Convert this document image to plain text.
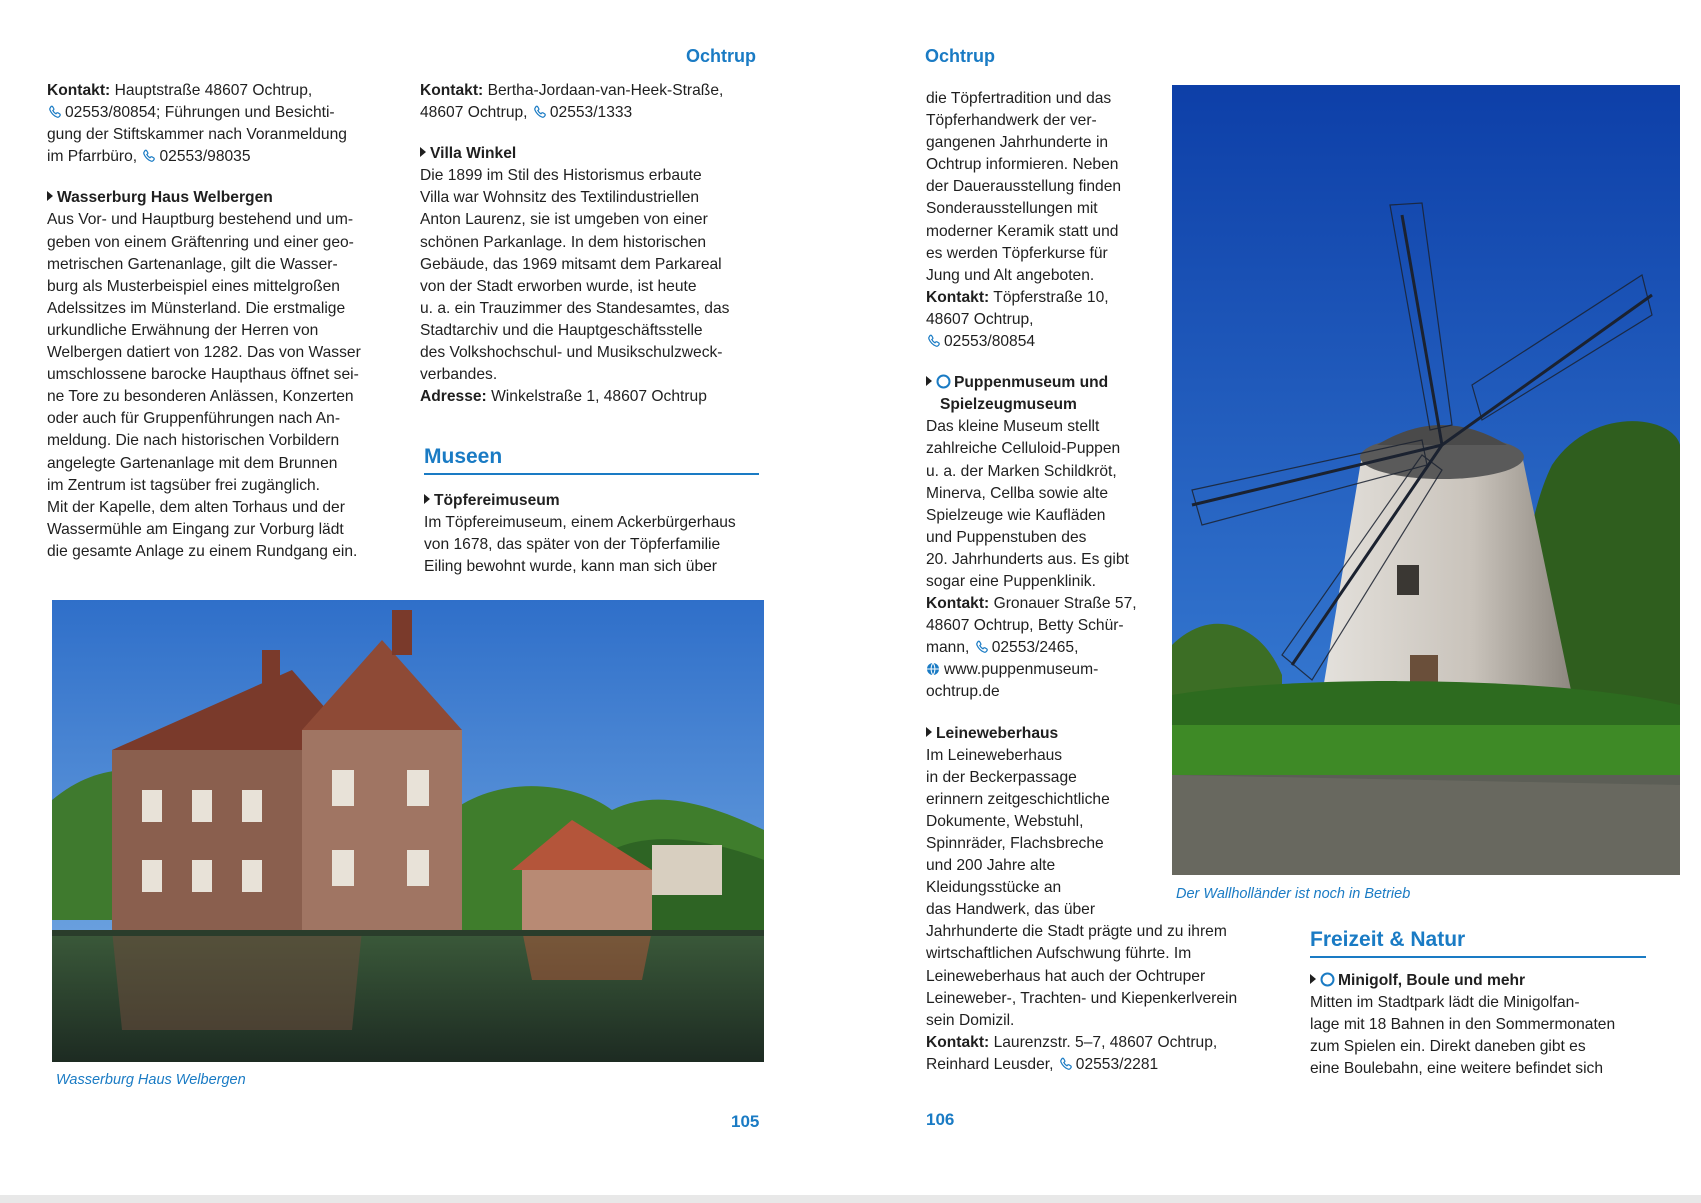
Ochtrup

Kontakt: Hauptstraße 48607 Ochtrup,

02553/80854; Führungen und Besichti-

gung der Stiftskammer nach Voranmeldung

im Pfarrbüro, 02553/98035

Wasserburg Haus Welbergen

Aus Vor- und Hauptburg bestehend und um-

geben von einem Gräftenring und einer geo-

metrischen Gartenanlage, gilt die Wasser-

burg als Musterbeispiel eines mittelgroßen

Adelssitzes im Münsterland. Die erstmalige

urkundliche Erwähnung der Herren von

Welbergen datiert von 1282. Das von Wasser

umschlossene barocke Haupthaus öffnet sei-

ne Tore zu besonderen Anlässen, Konzerten

oder auch für Gruppenführungen nach An-

meldung. Die nach historischen Vorbildern

angelegte Gartenanlage mit dem Brunnen

im Zentrum ist tagsüber frei zugänglich.

Mit der Kapelle, dem alten Torhaus und der

Wassermühle am Eingang zur Vorburg lädt

die gesamte Anlage zu einem Rundgang ein.

Kontakt: Bertha-Jordaan-van-Heek-Straße,

48607 Ochtrup, 02553/1333

Villa Winkel

Die 1899 im Stil des Historismus erbaute

Villa war Wohnsitz des Textilindustriellen

Anton Laurenz, sie ist umgeben von einer

schönen Parkanlage. In dem historischen

Gebäude, das 1969 mitsamt dem Parkareal

von der Stadt erworben wurde, ist heute

u. a. ein Trauzimmer des Standesamtes, das

Stadtarchiv und die Hauptgeschäftsstelle

des Volkshochschul- und Musikschulzweck-

verbandes.

Adresse: Winkelstraße 1, 48607 Ochtrup

Museen

Töpfereimuseum

Im Töpfereimuseum, einem Ackerbürgerhaus

von 1678, das später von der Töpferfamilie

Eiling bewohnt wurde, kann man sich über

Wasserburg Haus Welbergen
105
Ochtrup

die Töpfertradition und das

Töpferhandwerk der ver-

gangenen Jahrhunderte in

Ochtrup informieren. Neben

der Dauerausstellung finden

Sonderausstellungen mit

moderner Keramik statt und

es werden Töpferkurse für

Jung und Alt angeboten.

Kontakt: Töpferstraße 10,

48607 Ochtrup,

02553/80854

Puppenmuseum und

Spielzeugmuseum

Das kleine Museum stellt

zahlreiche Celluloid-Puppen

u. a. der Marken Schildkröt,

Minerva, Cellba sowie alte

Spielzeuge wie Kaufläden

und Puppenstuben des

20. Jahrhunderts aus. Es gibt

sogar eine Puppenklinik.

Kontakt: Gronauer Straße 57,

48607 Ochtrup, Betty Schür-

mann, 02553/2465,

www.puppenmuseum-

ochtrup.de

Leineweberhaus

Im Leineweberhaus

in der Beckerpassage

erinnern zeitgeschichtliche

Dokumente, Webstuhl,

Spinnräder, Flachsbreche

und 200 Jahre alte

Kleidungsstücke an

das Handwerk, das über

Jahrhunderte die Stadt prägte und zu ihrem

wirtschaftlichen Aufschwung führte. Im

Leineweberhaus hat auch der Ochtruper

Leineweber-, Trachten- und Kiepenkerlverein

sein Domizil.

Kontakt: Laurenzstr. 5–7, 48607 Ochtrup,

Reinhard Leusder, 02553/2281

Der Wallholländer ist noch in Betrieb
Freizeit & Natur

Minigolf, Boule und mehr

Mitten im Stadtpark lädt die Minigolfan-

lage mit 18 Bahnen in den Sommermonaten

zum Spielen ein. Direkt daneben gibt es

eine Boulebahn, eine weitere befindet sich

106
